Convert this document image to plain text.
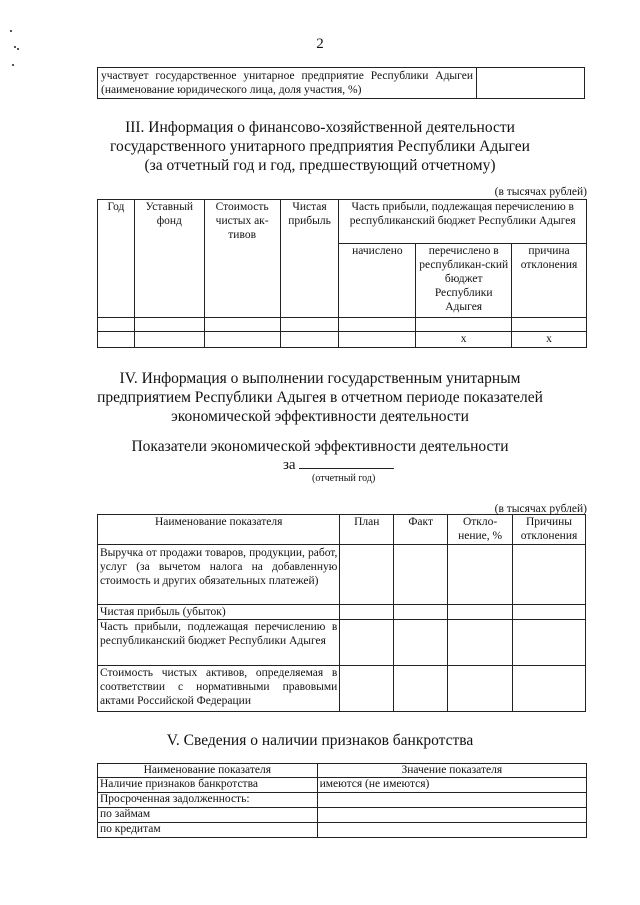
2
участвует государственное унитарное предприятие Республики Адыгеи (наименование юридического лица, доля участия, %)	
III. Информация о финансово-хозяйственной деятельности
государственного унитарного предприятия Республики Адыгеи
(за отчетный год и год, предшествующий отчетному)
(в тысячах рублей)
Год	Уставный фонд	Стоимость чистых ак-тивов	Чистая прибыль	Часть прибыли, подлежащая перечислению в республиканский бюджет Республики Адыгея		
				начислено	перечислено в республикан-ский бюджет Республики Адыгея	причина отклонения

					х	х
IV. Информация о выполнении государственным унитарным
предприятием Республики Адыгея в отчетном периоде показателей
экономической эффективности деятельности
Показатели экономической эффективности деятельности
за
(отчетный год)
(в тысячах рублей)
Наименование показателя	План	Факт	Откло-нение, %	Причины отклонения
Выручка от продажи товаров, продукции, работ, услуг (за вычетом налога на добавленную стоимость и других обязательных платежей)				
Чистая прибыль (убыток)				
Часть прибыли, подлежащая перечислению в республиканский бюджет Республики Адыгея				
Стоимость чистых активов, определяемая в соответствии с нормативными правовыми актами Российской Федерации				
V. Сведения о наличии признаков банкротства
Наименование показателя	Значение показателя
Наличие признаков банкротства	имеются (не имеются)
Просроченная задолженность:	
по займам	
по кредитам	
